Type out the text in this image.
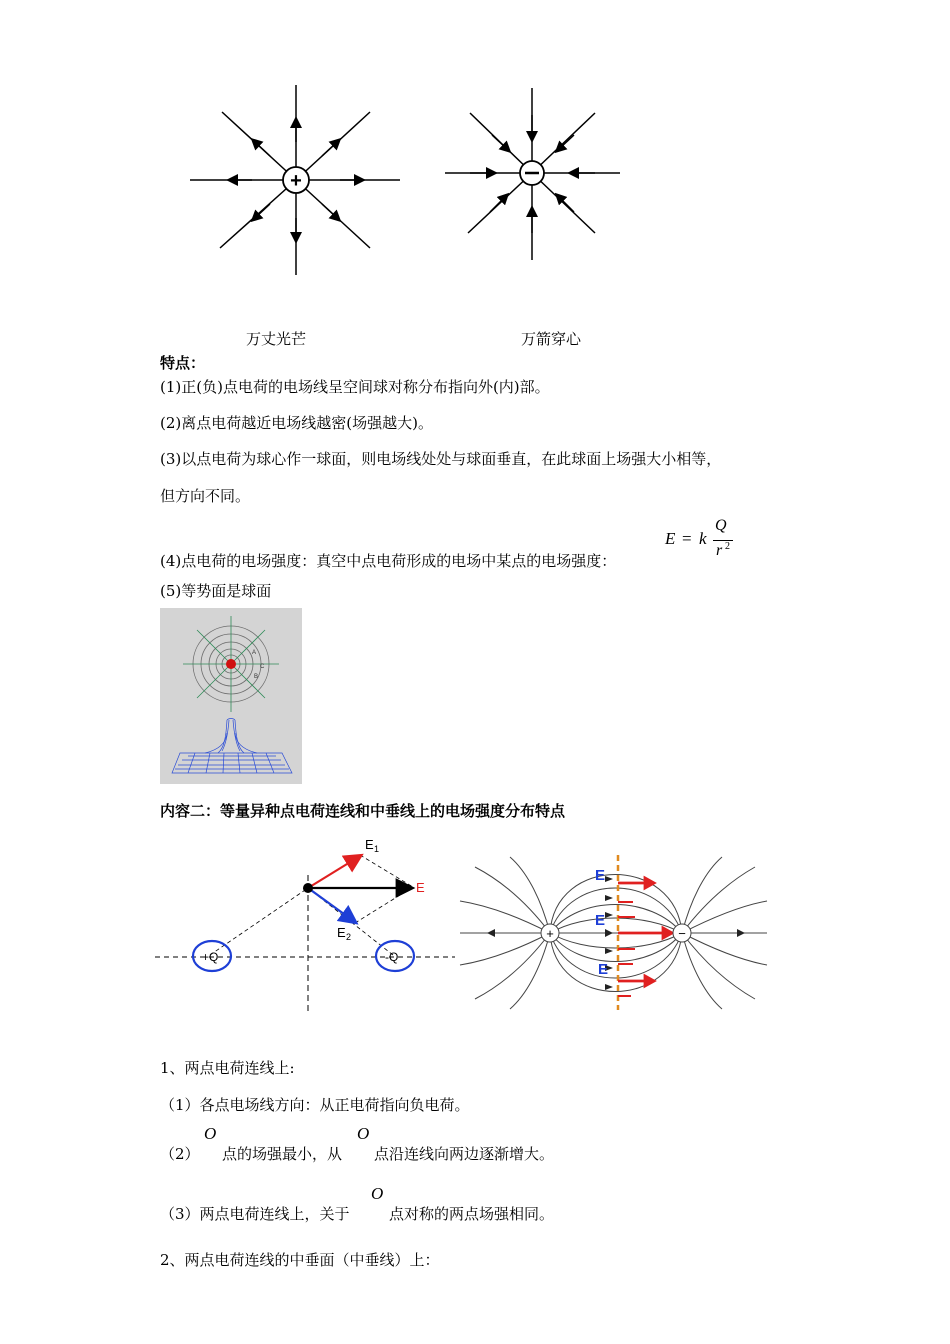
+
万丈光芒	万箭穿心
特点：
(1)正(负)点电荷的电场线呈空间球对称分布指向外(内)部。
(2)离点电荷越近电场线越密(场强越大)。
(3)以点电荷为球心作一球面，则电场线处处与球面垂直，在此球面上场强大小相等，
但方向不同。
(4)点电荷的电场强度：真空中点电荷形成的电场中某点的电场强度：
E = k
Q
r 2
(5)等势面是球面
A
C
B
内容二：等量异种点电荷连线和中垂线上的电场强度分布特点
E 1
E
E 2
+Q	-Q
E
E
E
+	−
1、两点电荷连线上:
（1）各点电场线方向：从正电荷指向负电荷。
（2）
O
点的场强最小，从
O
点沿连线向两边逐渐增大。
（3）两点电荷连线上，关于
O
点对称的两点场强相同。
2、两点电荷连线的中垂面（中垂线）上：
